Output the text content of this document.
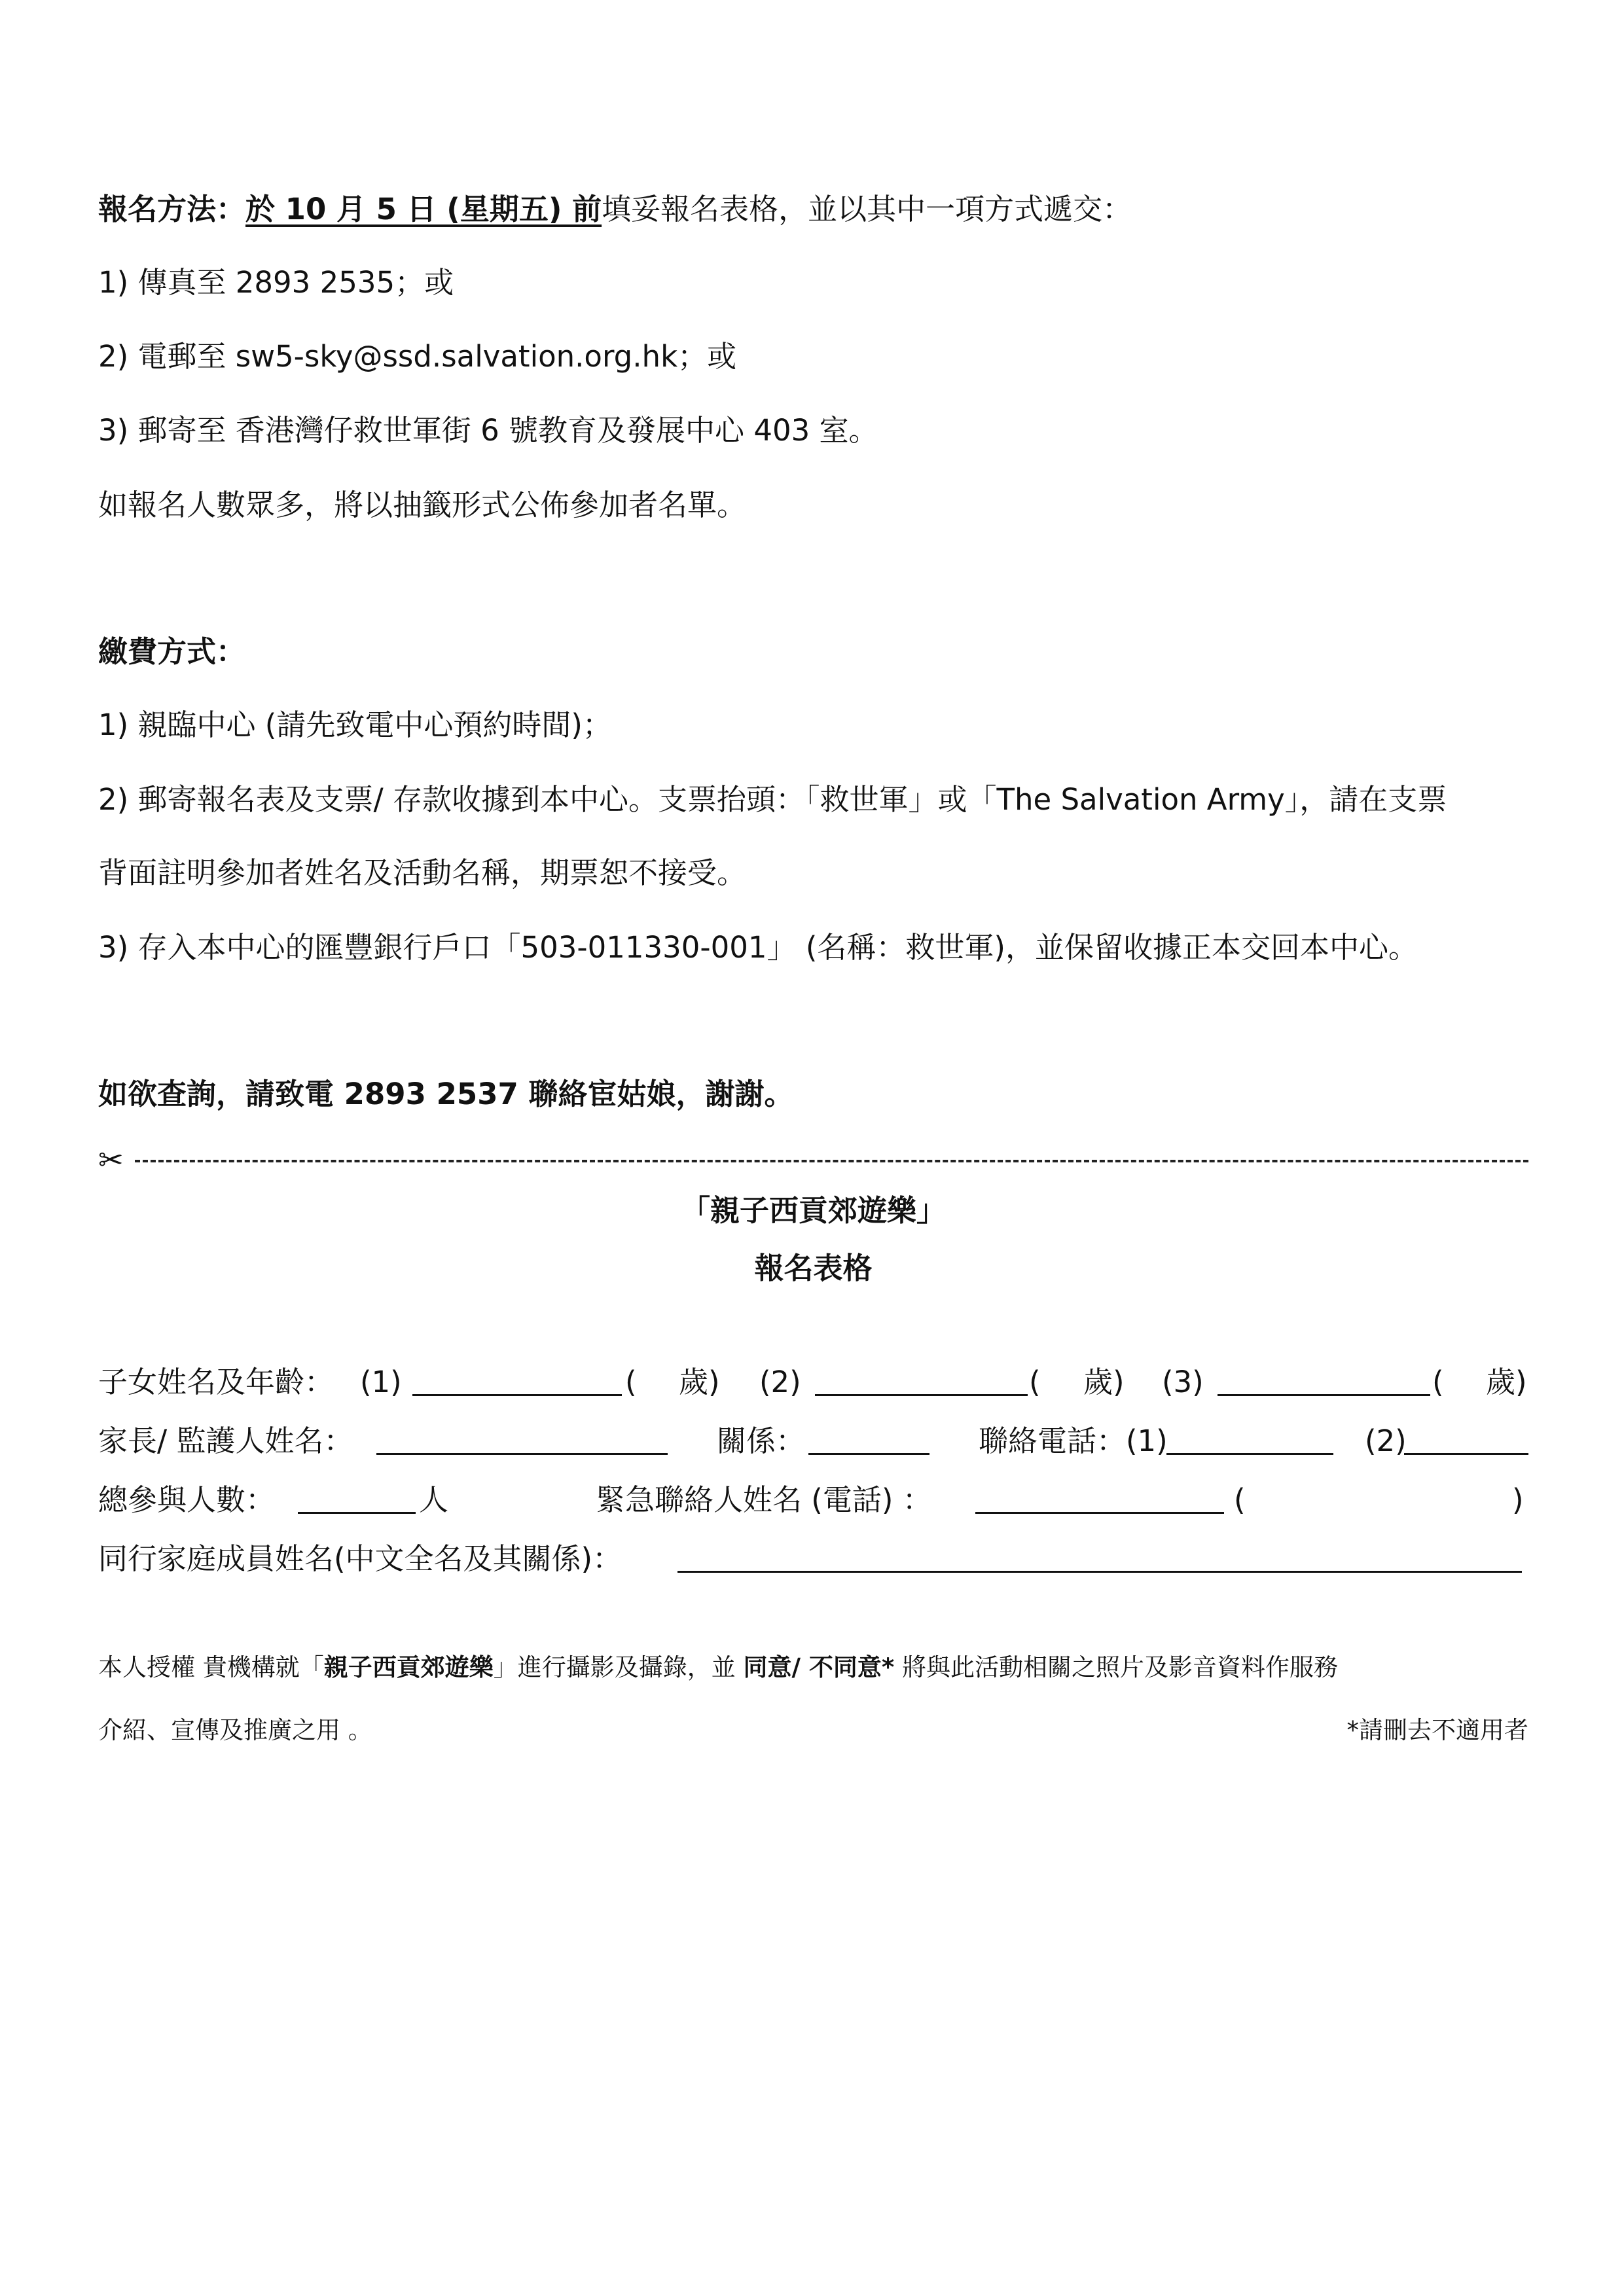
報名方法：於 10 月 5 日 (星期五) 前填妥報名表格，並以其中一項方式遞交：
1) 傳真至 2893 2535；或
2) 電郵至 sw5-sky@ssd.salvation.org.hk；或
3) 郵寄至 香港灣仔救世軍街 6 號教育及發展中心 403 室。
如報名人數眾多，將以抽籤形式公佈參加者名單。
繳費方式：
1) 親臨中心 (請先致電中心預約時間)；
2) 郵寄報名表及支票/ 存款收據到本中心。支票抬頭：「救世軍」或「The Salvation Army」，請在支票
背面註明參加者姓名及活動名稱，期票恕不接受。
3) 存入本中心的匯豐銀行戶口「503-011330-001」 (名稱：救世軍)，並保留收據正本交回本中心。
如欲查詢，請致電 2893 2537 聯絡宦姑娘，謝謝。
✂
「親子西貢郊遊樂」
報名表格
子女姓名及年齡： (1)	( 歲) (2)	( 歲) (3)	( 歲)
家長/ 監護人姓名：	關係：	聯絡電話： (1)	(2)
總參與人數：	人	緊急聯絡人姓名 (電話) ：	(	)
同行家庭成員姓名(中文全名及其關係)：
本人授權 貴機構就「親子西貢郊遊樂」進行攝影及攝錄，並 同意/ 不同意* 將與此活動相關之照片及影音資料作服務
介紹、宣傳及推廣之用 。	*請刪去不適用者
